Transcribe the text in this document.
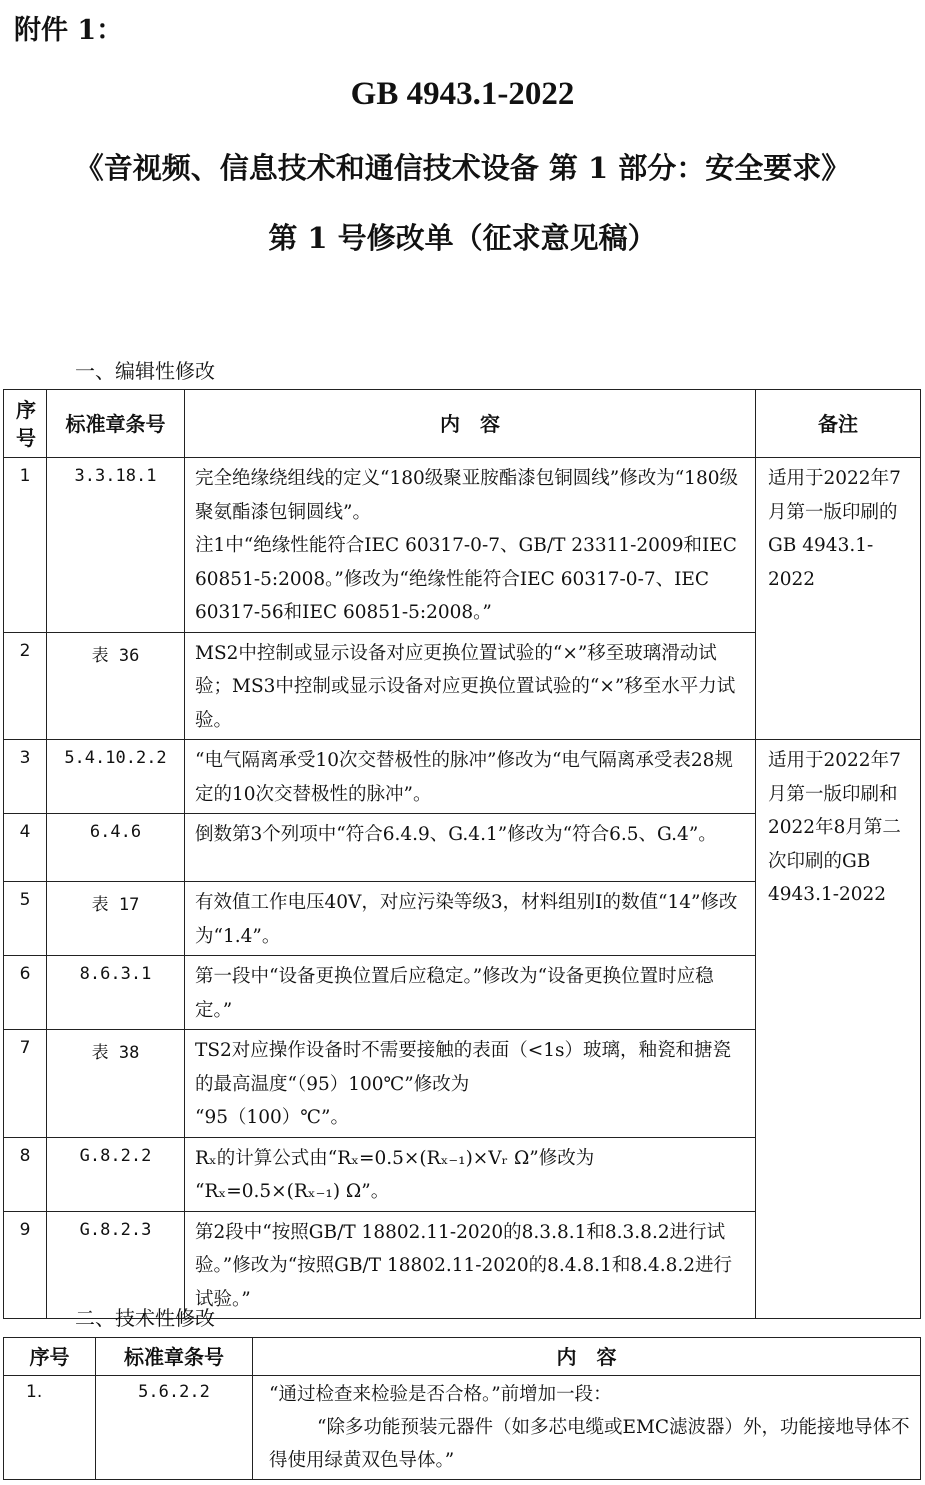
附件 1：
GB 4943.1-2022
《音视频、信息技术和通信技术设备 第 1 部分：安全要求》
第 1 号修改单（征求意见稿）
一、编辑性修改
序号	标准章条号	内　容	备注
1	3.3.18.1	完全绝缘绕组线的定义“180级聚亚胺酯漆包铜圆线”修改为“180级聚氨酯漆包铜圆线”。
注1中“绝缘性能符合IEC 60317-0-7、GB/T 23311-2009和IEC 60851-5:2008。”修改为“绝缘性能符合IEC 60317-0-7、IEC 60317-56和IEC 60851-5:2008。”	适用于2022年7月第一版印刷的GB 4943.1-2022
2	表 36	MS2中控制或显示设备对应更换位置试验的“×”移至玻璃滑动试验；MS3中控制或显示设备对应更换位置试验的“×”移至水平力试验。	
3	5.4.10.2.2	“电气隔离承受10次交替极性的脉冲”修改为“电气隔离承受表28规定的10次交替极性的脉冲”。	适用于2022年7月第一版印刷和2022年8月第二次印刷的GB 4943.1-2022
4	6.4.6	倒数第3个列项中“符合6.4.9、G.4.1”修改为“符合6.5、G.4”。	
5	表 17	有效值工作电压40V，对应污染等级3，材料组别I的数值“14”修改为“1.4”。	
6	8.6.3.1	第一段中“设备更换位置后应稳定。”修改为“设备更换位置时应稳定。”	
7	表 38	TS2对应操作设备时不需要接触的表面（<1s）玻璃，釉瓷和搪瓷的最高温度“（95）100℃”修改为
“95（100）℃”。	
8	G.8.2.2	Rₓ的计算公式由“Rₓ=0.5×(Rₓ₋₁)×Vᵣ Ω”修改为
“Rₓ=0.5×(Rₓ₋₁) Ω”。	
9	G.8.2.3	第2段中“按照GB/T 18802.11-2020的8.3.8.1和8.3.8.2进行试验。”修改为“按照GB/T 18802.11-2020的8.4.8.1和8.4.8.2进行试验。”	
二、技术性修改
序号	标准章条号	内　容
1.	5.6.2.2	“通过检查来检验是否合格。”前增加一段：
“除多功能预装元器件（如多芯电缆或EMC滤波器）外，功能接地导体不得使用绿黄双色导体。”
